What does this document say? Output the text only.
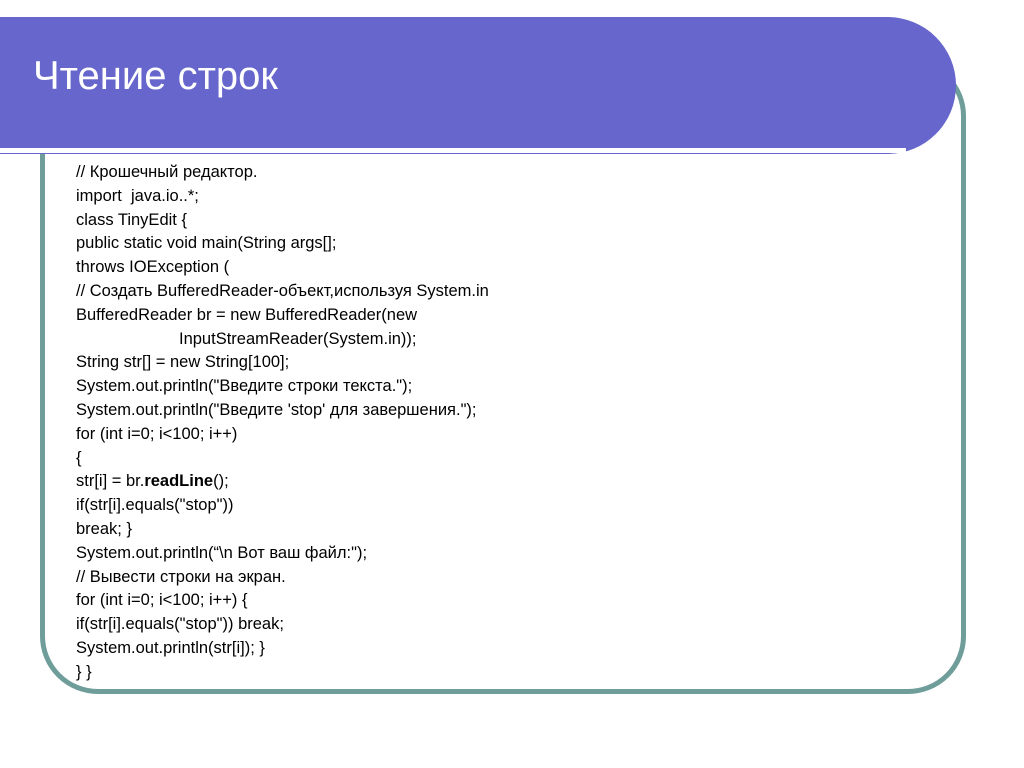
Чтение строк
// Крошечный редактор.
import  java.io..*;
class TinyEdit {
public static void main(String args[];
throws IOException (
// Создать BufferedReader-объект,используя System.in
BufferedReader br = new BufferedReader(new
InputStreamReader(System.in));
String str[] = new String[100];
System.out.println("Введите строки текста.");
System.out.println("Введите 'stop' для завершения.");
for (int i=0; i<100; i++)
{
str[i] = br.readLine();
if(str[i].equals("stop"))
break; }
System.out.println(“\n Вот ваш файл:");
// Вывести строки на экран.
for (int i=0; i<100; i++) {
if(str[i].equals("stop")) break;
System.out.println(str[i]); }
} }
